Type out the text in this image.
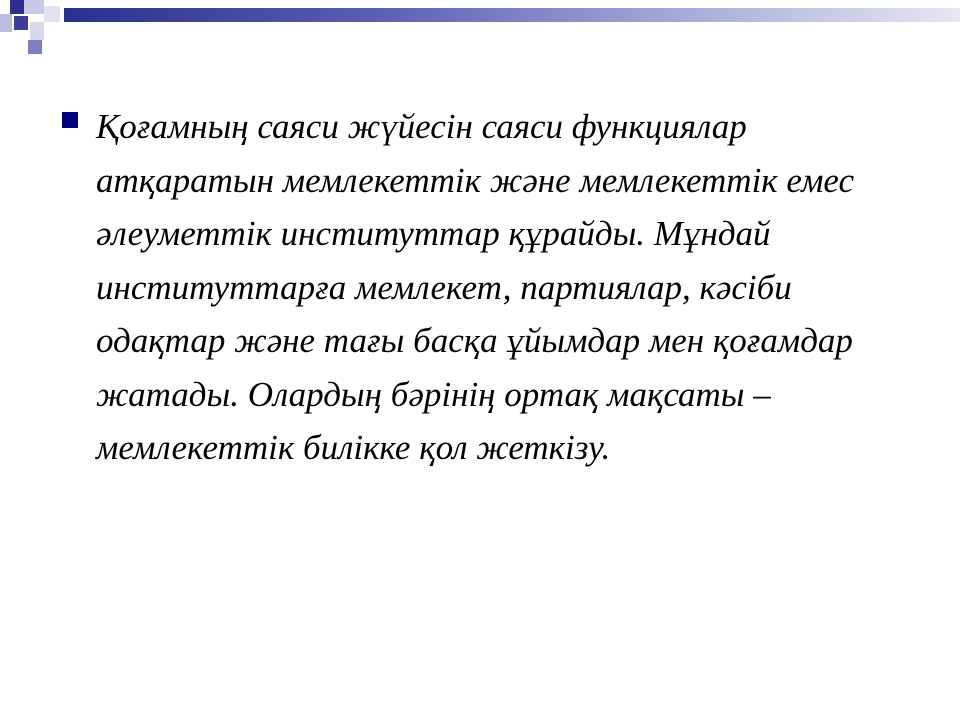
Қоғамның саяси жүйесін саяси функциялар атқаратын мемлекеттік және мемлекеттік емес әлеуметтік институттар құрайды. Мұндай институттарға мемлекет, партиялар, кәсіби одақтар және тағы басқа ұйымдар мен қоғамдар жатады. Олардың бәрінің ортақ мақсаты – мемлекеттік билікке қол жеткізу.
